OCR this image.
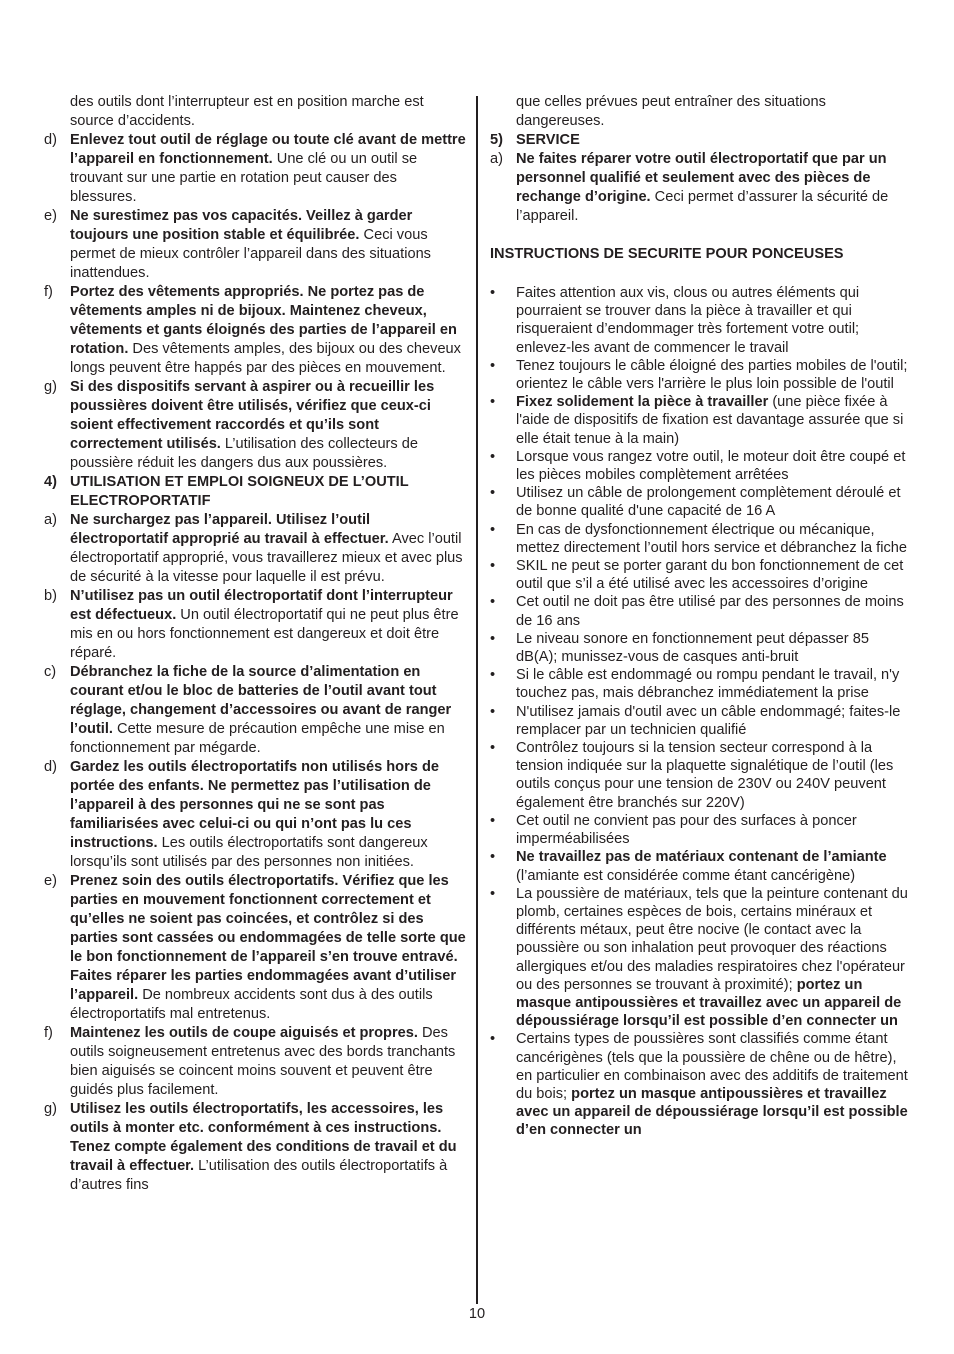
des outils dont l’interrupteur est en position marche est source d’accidents.
d) Enlevez tout outil de réglage ou toute clé avant de mettre l’appareil en fonctionnement. Une clé ou un outil se trouvant sur une partie en rotation peut causer des blessures.
e) Ne surestimez pas vos capacités. Veillez à garder toujours une position stable et équilibrée. Ceci vous permet de mieux contrôler l’appareil dans des situations inattendues.
f)	Portez des vêtements appropriés. Ne portez pas de vêtements amples ni de bijoux. Maintenez cheveux, vêtements et gants éloignés des parties de l’appareil en rotation. Des vêtements amples, des bijoux ou des cheveux longs peuvent être happés par des pièces en mouvement.
g) Si des dispositifs servant à aspirer ou à recueillir les poussières doivent être utilisés, vérifiez que ceux-ci soient effectivement raccordés et qu’ils sont correctement utilisés. L’utilisation des collecteurs de poussière réduit les dangers dus aux poussières.
4) UTILISATION ET EMPLOI SOIGNEUX DE L’OUTIL ELECTROPORTATIF
a) Ne surchargez pas l’appareil. Utilisez l’outil électroportatif approprié au travail à effectuer. Avec l’outil électroportatif approprié, vous travaillerez mieux et avec plus de sécurité à la vitesse pour laquelle il est prévu.
b) N’utilisez pas un outil électroportatif dont l’interrupteur est défectueux. Un outil électroportatif qui ne peut plus être mis en ou hors fonctionnement est dangereux et doit être réparé.
c) Débranchez la fiche de la source d’alimentation en courant et/ou le bloc de batteries de l’outil avant tout réglage, changement d’accessoires ou avant de ranger l’outil. Cette mesure de précaution empêche une mise en fonctionnement par mégarde.
d) Gardez les outils électroportatifs non utilisés hors de portée des enfants. Ne permettez pas l’utilisation de l’appareil à des personnes qui ne se sont pas familiarisées avec celui-ci ou qui n’ont pas lu ces instructions. Les outils électroportatifs sont dangereux lorsqu’ils sont utilisés par des personnes non initiées.
e) Prenez soin des outils électroportatifs. Vérifiez que les parties en mouvement fonctionnent correctement et qu’elles ne soient pas coincées, et contrôlez si des parties sont cassées ou endommagées de telle sorte que le bon fonctionnement de l’appareil s’en trouve entravé. Faites réparer les parties endommagées avant d’utiliser l’appareil. De nombreux accidents sont dus à des outils électroportatifs mal entretenus.
f)	Maintenez les outils de coupe aiguisés et propres. Des outils soigneusement entretenus avec des bords tranchants bien aiguisés se coincent moins souvent et peuvent être guidés plus facilement.
g) Utilisez les outils électroportatifs, les accessoires, les outils à monter etc. conformément à ces instructions. Tenez compte également des conditions de travail et du travail à effectuer. L’utilisation des outils électroportatifs à d’autres fins
que celles prévues peut entraîner des situations dangereuses.
5) SERVICE
a) Ne faites réparer votre outil électroportatif que par un personnel qualifié et seulement avec des pièces de rechange d’origine. Ceci permet d’assurer la sécurité de l’appareil.
INSTRUCTIONS DE SECURITE POUR PONCEUSES
•	Faites attention aux vis, clous ou autres éléments qui pourraient se trouver dans la pièce à travailler et qui risqueraient d’endommager très fortement votre outil; enlevez-les avant de commencer le travail
•	Tenez toujours le câble éloigné des parties mobiles de l'outil; orientez le câble vers l'arrière le plus loin possible de l'outil
•	Fixez solidement la pièce à travailler (une pièce fixée à l'aide de dispositifs de fixation est davantage assurée que si elle était tenue à la main)
•	Lorsque vous rangez votre outil, le moteur doit être coupé et les pièces mobiles complètement arrêtées
•	Utilisez un câble de prolongement complètement déroulé et de bonne qualité d'une capacité de 16 A
•	En cas de dysfonctionnement électrique ou mécanique, mettez directement l’outil hors service et débranchez la fiche
•	SKIL ne peut se porter garant du bon fonctionnement de cet outil que s’il a été utilisé avec les accessoires d’origine
•	Cet outil ne doit pas être utilisé par des personnes de moins de 16 ans
•	Le niveau sonore en fonctionnement peut dépasser 85 dB(A); munissez-vous de casques anti-bruit
•	Si le câble est endommagé ou rompu pendant le travail, n'y touchez pas, mais débranchez immédiatement la prise
•	N'utilisez jamais d'outil avec un câble endommagé; faites-le remplacer par un technicien qualifié
•	Contrôlez toujours si la tension secteur correspond à la tension indiquée sur la plaquette signalétique de l’outil (les outils conçus pour une tension de 230V ou 240V peuvent également être branchés sur 220V)
•	Cet outil ne convient pas pour des surfaces à poncer imperméabilisées
•	Ne travaillez pas de matériaux contenant de l’amiante (l’amiante est considérée comme étant cancérigène)
•	La poussière de matériaux, tels que la peinture contenant du plomb, certaines espèces de bois, certains minéraux et différents métaux, peut être nocive (le contact avec la poussière ou son inhalation peut provoquer des réactions allergiques et/ou des maladies respiratoires chez l'opérateur ou des personnes se trouvant à proximité); portez un masque antipoussières et travaillez avec un appareil de dépoussiérage lorsqu’il est possible d’en connecter un
•	Certains types de poussières sont classifiés comme étant cancérigènes (tels que la poussière de chêne ou de hêtre), en particulier en combinaison avec des additifs de traitement du bois; portez un masque antipoussières et travaillez avec un appareil de dépoussiérage lorsqu’il est possible d’en connecter un
10
